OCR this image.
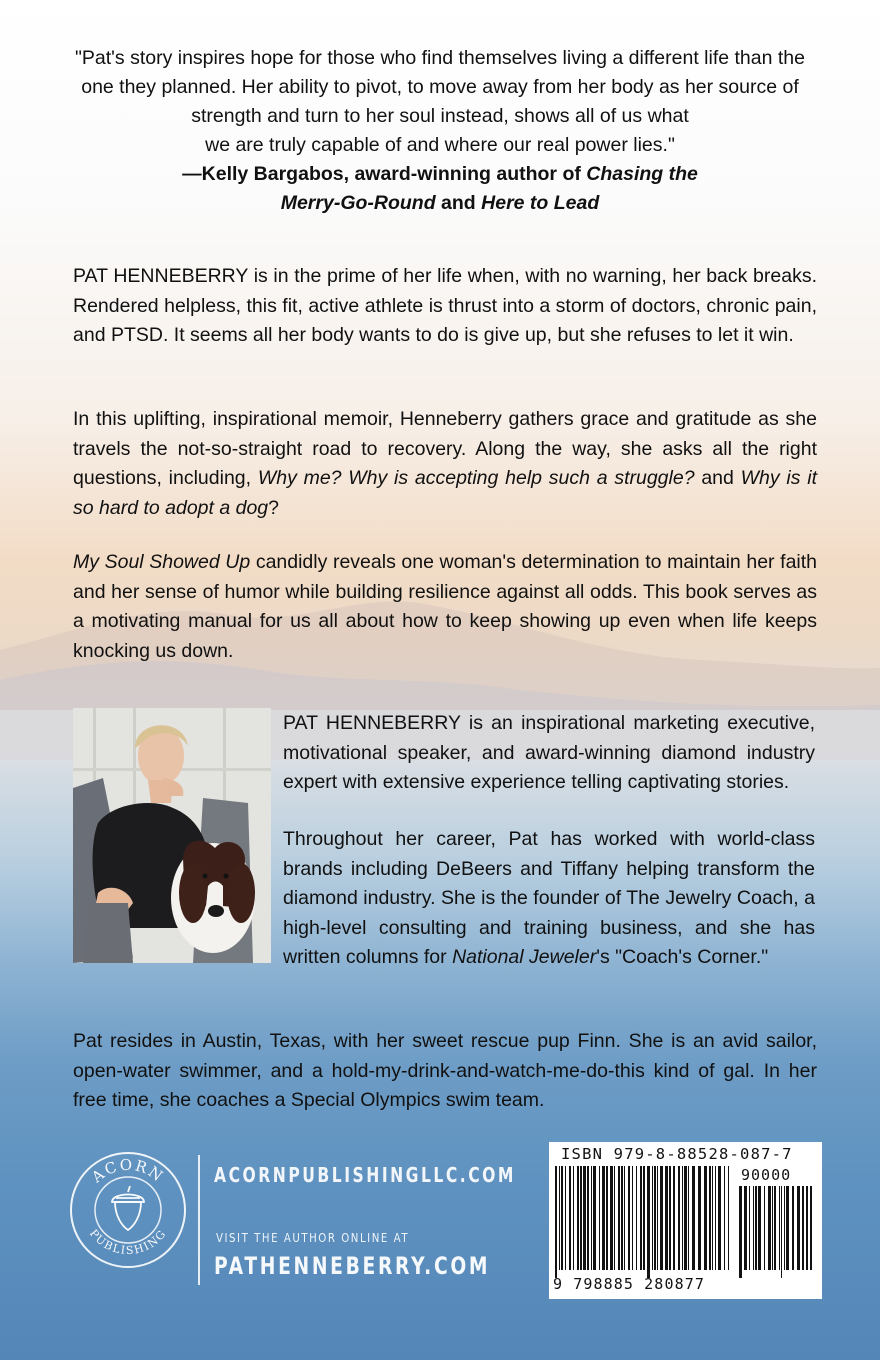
"Pat's story inspires hope for those who find themselves living a different life than the
one they planned. Her ability to pivot, to move away from her body as her source of
strength and turn to her soul instead, shows all of us what
we are truly capable of and where our real power lies."
—Kelly Bargabos, award-winning author of Chasing the
Merry-Go-Round and Here to Lead

PAT HENNEBERRY is in the prime of her life when, with no warning, her back breaks. Rendered helpless, this fit, active athlete is thrust into a storm of doctors, chronic pain, and PTSD. It seems all her body wants to do is give up, but she refuses to let it win.

In this uplifting, inspirational memoir, Henneberry gathers grace and gratitude as she travels the not-so-straight road to recovery. Along the way, she asks all the right questions, including, Why me? Why is accepting help such a struggle? and Why is it so hard to adopt a dog?

My Soul Showed Up candidly reveals one woman's determination to maintain her faith and her sense of humor while building resilience against all odds. This book serves as a motivating manual for us all about how to keep showing up even when life keeps knocking us down.

PAT HENNEBERRY is an inspirational marketing executive, motivational speaker, and award-winning diamond industry expert with extensive experience telling captivating stories.

Throughout her career, Pat has worked with world-class brands including DeBeers and Tiffany helping transform the diamond industry. She is the founder of The Jewelry Coach, a high-level consulting and training business, and she has written columns for National Jeweler's "Coach's Corner."

Pat resides in Austin, Texas, with her sweet rescue pup Finn. She is an avid sailor, open-water swimmer, and a hold-my-drink-and-watch-me-do-this kind of gal. In her free time, she coaches a Special Olympics swim team.

ACORN
PUBLISHING
ACORNPUBLISHINGLLC.COM
VISIT THE AUTHOR ONLINE AT
PATHENNEBERRY.COM
ISBN 979-8-88528-087-7
90000
9 798885 280877
